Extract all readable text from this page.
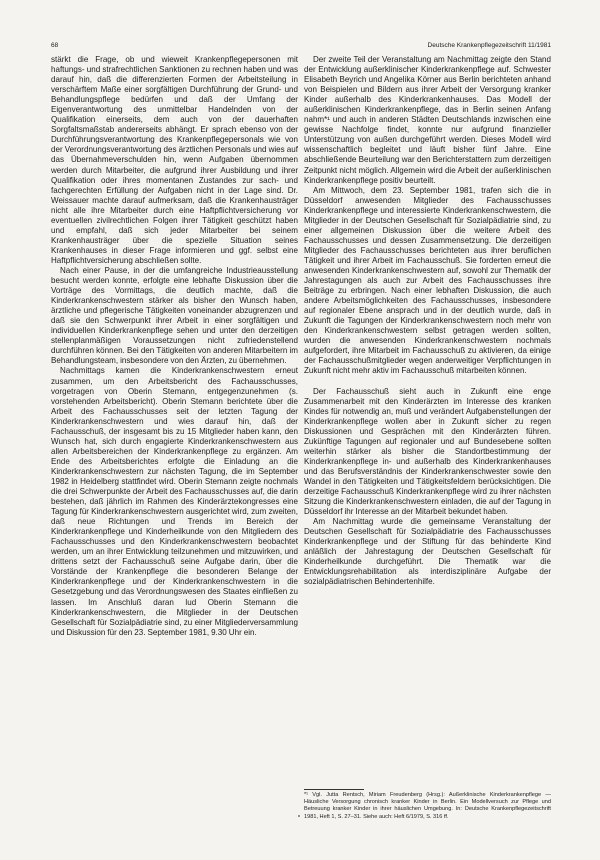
68	Deutsche Krankenpflegezeitschrift 11/1981

stärkt die Frage, ob und wieweit Krankenpflegepersonen mit haftungs- und strafrechtlichen Sanktionen zu rechnen haben und was darauf hin, daß die differenzierten Formen der Arbeitsteilung in verschärftem Maße einer sorgfältigen Durchführung der Grund- und Behandlungspflege bedürfen und daß der Umfang der Eigenverantwortung des unmittelbar Handelnden von der Qualifikation einerseits, dem auch von der dauerhaften Sorgfaltsmaßstab andererseits abhängt. Er sprach ebenso von der Durchführungsverantwortung des Krankenpflegepersonals wie von der Verordnungsverantwortung des ärztlichen Personals und wies auf das Übernahmeverschulden hin, wenn Aufgaben übernommen werden durch Mitarbeiter, die aufgrund ihrer Ausbildung und ihrer Qualifikation oder ihres momentanen Zustandes zur sach- und fachgerechten Erfüllung der Aufgaben nicht in der Lage sind. Dr. Weissauer machte darauf aufmerksam, daß die Krankenhausträger nicht alle ihre Mitarbeiter durch eine Haftpflichtversicherung vor eventuellen zivilrechtlichen Folgen ihrer Tätigkeit geschützt haben und empfahl, daß sich jeder Mitarbeiter bei seinem Krankenhausträger über die spezielle Situation seines Krankenhauses in dieser Frage informieren und ggf. selbst eine Haftpflichtversicherung abschließen sollte.

Nach einer Pause, in der die umfangreiche Industrieausstellung besucht werden konnte, erfolgte eine lebhafte Diskussion über die Vorträge des Vormittags, die deutlich machte, daß die Kinderkrankenschwestern stärker als bisher den Wunsch haben, ärztliche und pflegerische Tätigkeiten voneinander abzugrenzen und daß sie den Schwerpunkt ihrer Arbeit in einer sorgfältigen und individuellen Kinderkrankenpflege sehen und unter den derzeitigen stellenplanmäßigen Voraussetzungen nicht zufriedenstellend durchführen können. Bei den Tätigkeiten von anderen Mitarbeitern im Behandlungsteam, insbesondere von den Ärzten, zu übernehmen.

Nachmittags kamen die Kinderkrankenschwestern erneut zusammen, um den Arbeitsbericht des Fachausschusses, vorgetragen von Oberin Stemann, entgegenzunehmen (s. vorstehenden Arbeitsbericht). Oberin Stemann berichtete über die Arbeit des Fachausschusses seit der letzten Tagung der Kinderkrankenschwestern und wies darauf hin, daß der Fachausschuß, der insgesamt bis zu 15 Mitglieder haben kann, den Wunsch hat, sich durch engagierte Kinderkrankenschwestern aus allen Arbeitsbereichen der Kinderkrankenpflege zu ergänzen. Am Ende des Arbeitsberichtes erfolgte die Einladung an die Kinderkrankenschwestern zur nächsten Tagung, die im September 1982 in Heidelberg stattfindet wird. Oberin Stemann zeigte nochmals die drei Schwerpunkte der Arbeit des Fachausschusses auf, die darin bestehen, daß jährlich im Rahmen des Kinderärztekongresses eine Tagung für Kinderkrankenschwestern ausgerichtet wird, zum zweiten, daß neue Richtungen und Trends im Bereich der Kinderkrankenpflege und Kinderheilkunde von den Mitgliedern des Fachausschusses und den Kinderkrankenschwestern beobachtet werden, um an ihrer Entwicklung teilzunehmen und mitzuwirken, und drittens setzt der Fachausschuß seine Aufgabe darin, über die Vorstände der Krankenpflege die besonderen Belange der Kinderkrankenpflege und der Kinderkrankenschwestern in die Gesetzgebung und das Verordnungswesen des Staates einfließen zu lassen. Im Anschluß daran lud Oberin Stemann die Kinderkrankenschwestern, die Mitglieder in der Deutschen Gesellschaft für Sozialpädiatrie sind, zu einer Mitgliederversammlung und Diskussion für den 23. September 1981, 9.30 Uhr ein.

Der zweite Teil der Veranstaltung am Nachmittag zeigte den Stand der Entwicklung außerklinischer Kinderkrankenpflege auf. Schwester Elisabeth Beyrich und Angelika Körner aus Berlin berichteten anhand von Beispielen und Bildern aus ihrer Arbeit der Versorgung kranker Kinder außerhalb des Kinderkrankenhauses. Das Modell der außerklinischen Kinderkrankenpflege, das in Berlin seinen Anfang nahm*¹ und auch in anderen Städten Deutschlands inzwischen eine gewisse Nachfolge findet, konnte nur aufgrund finanzieller Unterstützung von außen durchgeführt werden. Dieses Modell wird wissenschaftlich begleitet und läuft bisher fünf Jahre. Eine abschließende Beurteilung war den Berichterstattern zum derzeitigen Zeitpunkt nicht möglich. Allgemein wird die Arbeit der außerklinischen Kinderkrankenpflege positiv beurteilt.

Am Mittwoch, dem 23. September 1981, trafen sich die in Düsseldorf anwesenden Mitglieder des Fachausschusses Kinderkrankenpflege und interessierte Kinderkrankenschwestern, die Mitglieder in der Deutschen Gesellschaft für Sozialpädiatrie sind, zu einer allgemeinen Diskussion über die weitere Arbeit des Fachausschusses und dessen Zusammensetzung. Die derzeitigen Mitglieder des Fachausschusses berichteten aus ihrer beruflichen Tätigkeit und ihrer Arbeit im Fachausschuß. Sie forderten erneut die anwesenden Kinderkrankenschwestern auf, sowohl zur Thematik der Jahrestagungen als auch zur Arbeit des Fachausschusses ihre Beiträge zu erbringen. Nach einer lebhaften Diskussion, die auch andere Arbeitsmöglichkeiten des Fachausschusses, insbesondere auf regionaler Ebene ansprach und in der deutlich wurde, daß in Zukunft die Tagungen der Kinderkrankenschwestern noch mehr von den Kinderkrankenschwestern selbst getragen werden sollten, wurden die anwesenden Kinderkrankenschwestern nochmals aufgefordert, ihre Mitarbeit im Fachausschuß zu aktivieren, da einige der Fachausschußmitglieder wegen anderweitiger Verpflichtungen in Zukunft nicht mehr aktiv im Fachausschuß mitarbeiten können.

Der Fachausschuß sieht auch in Zukunft eine enge Zusammenarbeit mit den Kinderärzten im Interesse des kranken Kindes für notwendig an, muß und verändert Aufgabenstellungen der Kinderkrankenpflege wollen aber in Zukunft sicher zu regen Diskussionen und Gesprächen mit den Kinderärzten führen. Zukünftige Tagungen auf regionaler und auf Bundesebene sollten weiterhin stärker als bisher die Standortbestimmung der Kinderkrankenpflege in- und außerhalb des Kinderkrankenhauses und das Berufsverständnis der Kinderkrankenschwester sowie den Wandel in den Tätigkeiten und Tätigkeitsfeldern berücksichtigen. Die derzeitige Fachausschuß Kinderkrankenpflege wird zu ihrer nächsten Sitzung die Kinderkrankenschwestern einladen, die auf der Tagung in Düsseldorf ihr Interesse an der Mitarbeit bekundet haben.

Am Nachmittag wurde die gemeinsame Veranstaltung der Deutschen Gesellschaft für Sozialpädiatrie des Fachausschusses Kinderkrankenpflege und der Stiftung für das behinderte Kind anläßlich der Jahrestagung der Deutschen Gesellschaft für Kinderheilkunde durchgeführt. Die Thematik war die Entwicklungsrehabilitation als interdisziplinäre Aufgabe der sozialpädiatrischen Behindertenhilfe.

*¹ Vgl. Jutta Rentsch, Miriam Freudenberg (Hrsg.): Außerklinische Kinderkrankenpflege — Häusliche Versorgung chronisch kranker Kinder in Berlin. Ein Modellversuch zur Pflege und Betreuung kranker Kinder in ihrer häuslichen Umgebung. In: Deutsche Krankenpflegezeitschrift 1981, Heft 1, S. 27–31. Siehe auch: Heft 6/1979, S. 316 ff.
